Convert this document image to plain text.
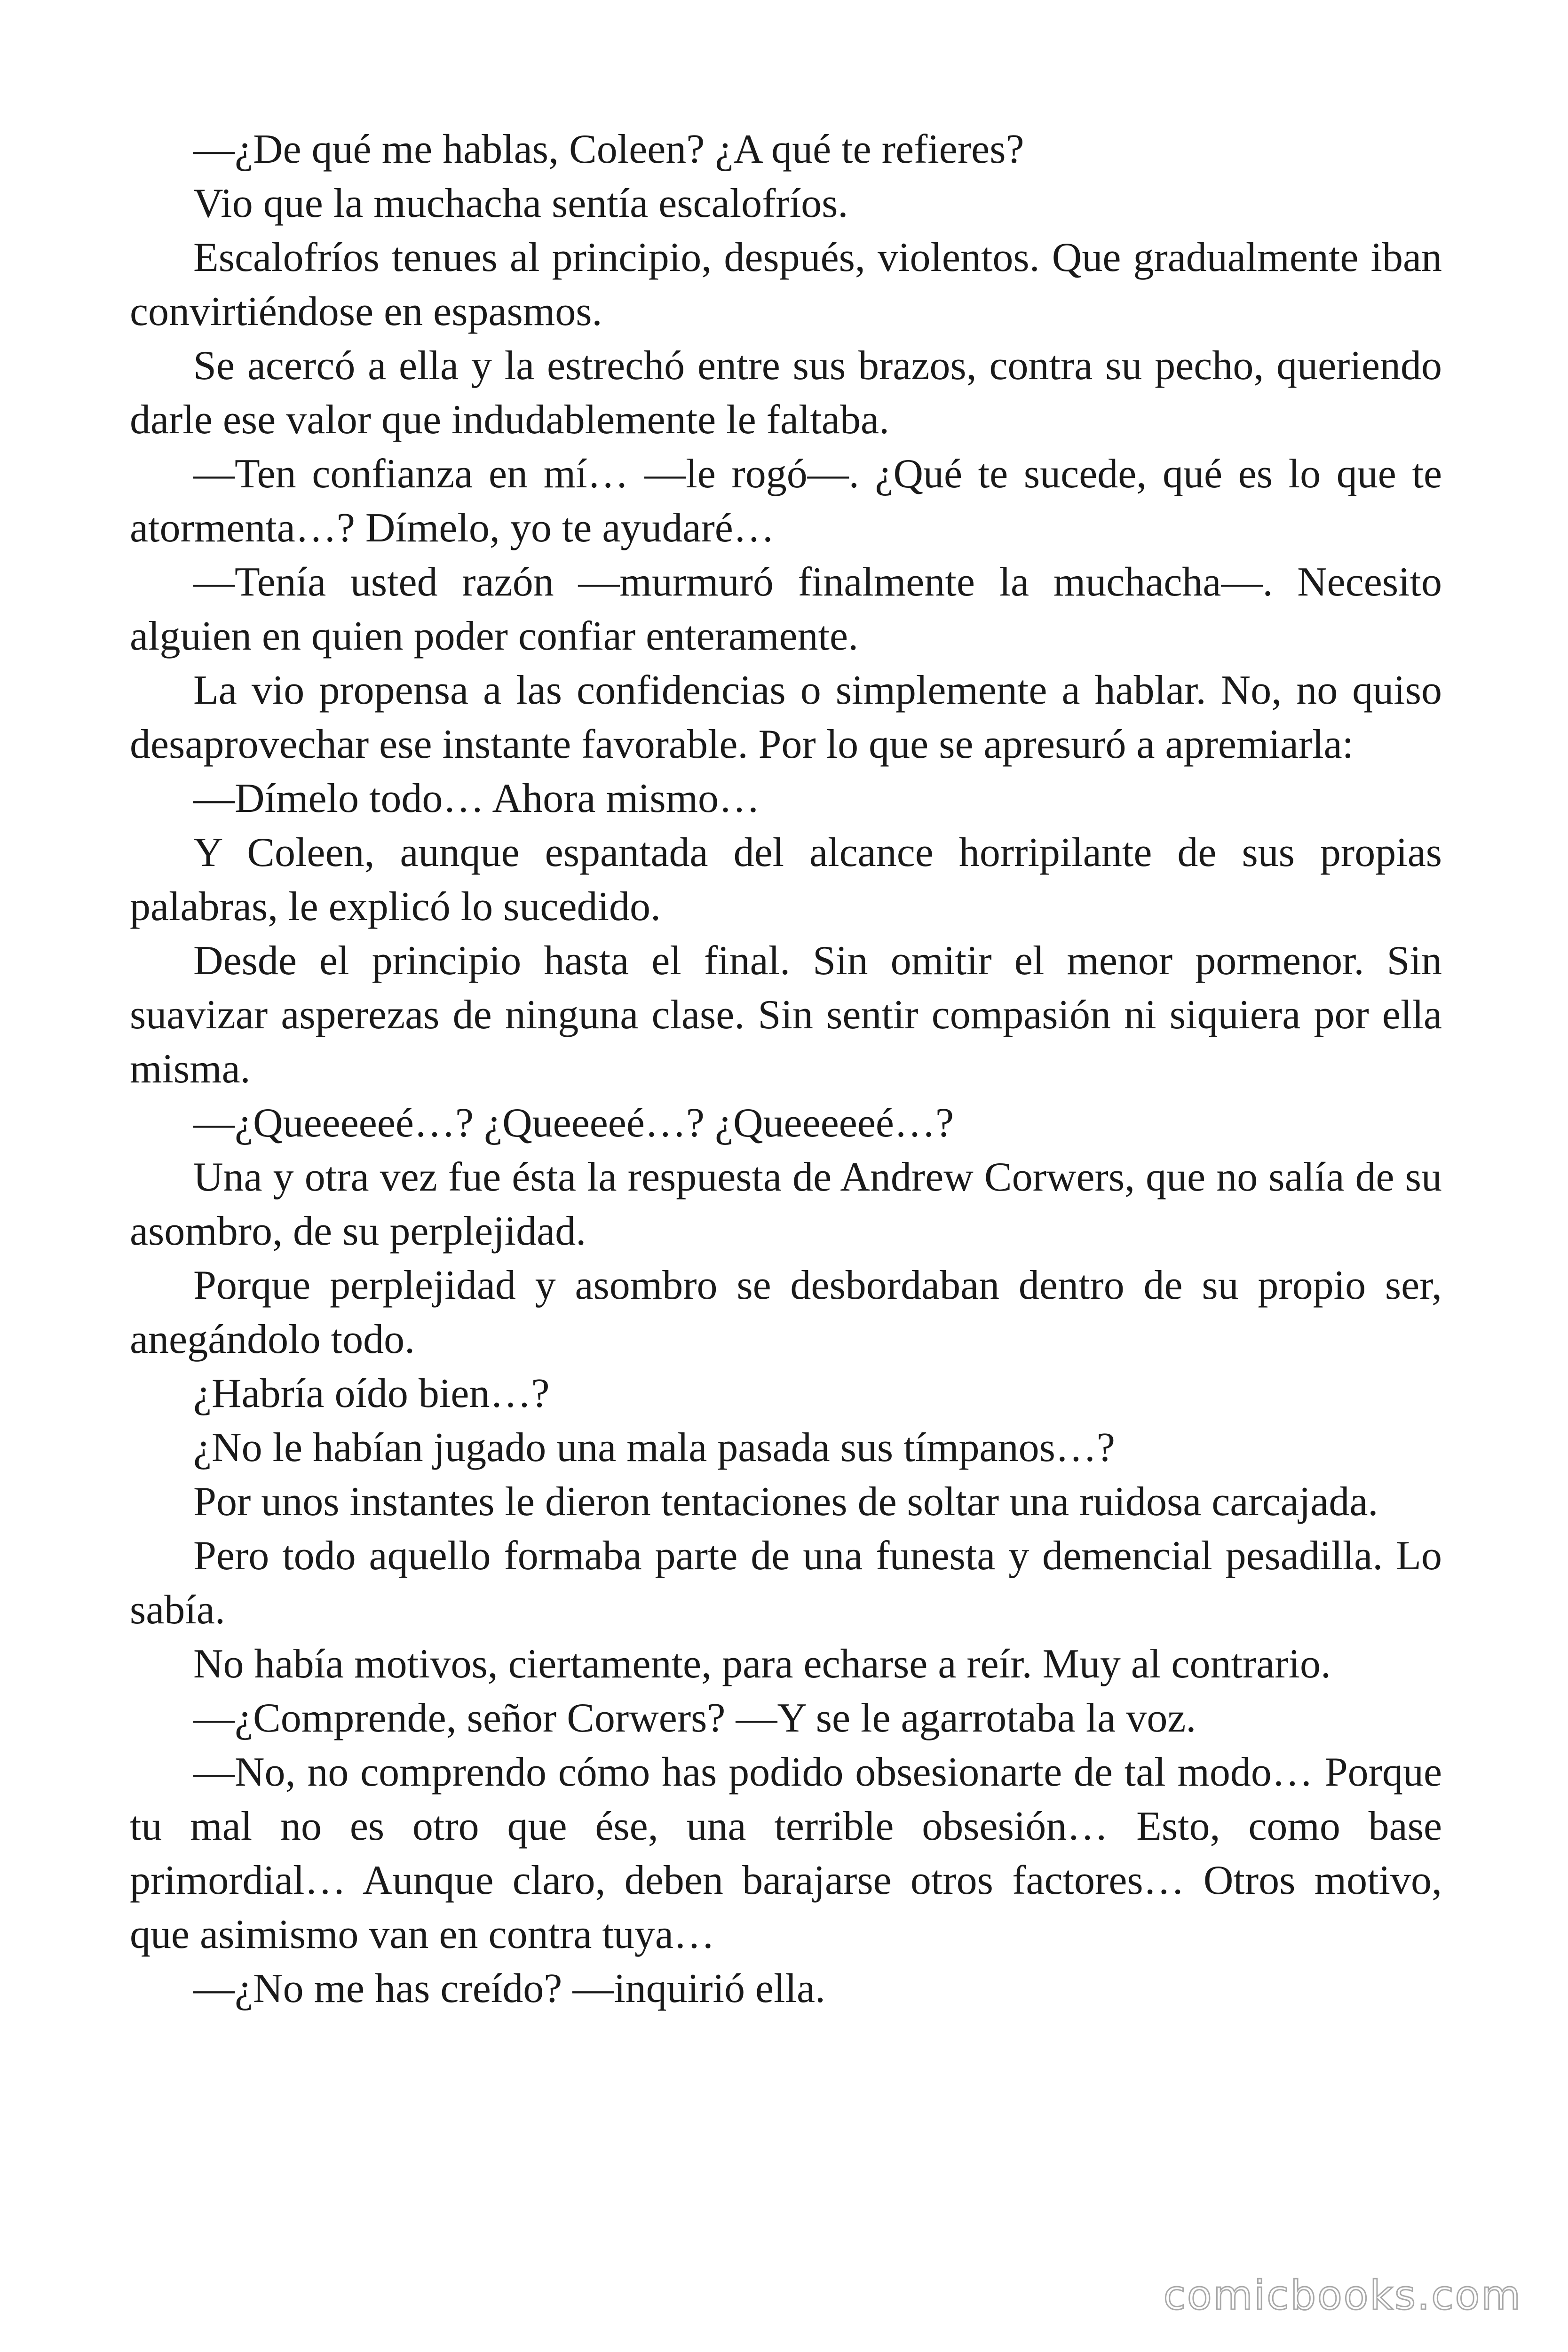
—¿De qué me hablas, Coleen? ¿A qué te refieres?

Vio que la muchacha sentía escalofríos.

Escalofríos tenues al principio, después, violentos. Que gradualmente iban convirtiéndose en espasmos.

Se acercó a ella y la estrechó entre sus brazos, contra su pecho, queriendo darle ese valor que indudablemente le faltaba.

—Ten confianza en mí… —le rogó—. ¿Qué te sucede, qué es lo que te atormenta…? Dímelo, yo te ayudaré…

—Tenía usted razón —murmuró finalmente la muchacha—. Necesito alguien en quien poder confiar enteramente.

La vio propensa a las confidencias o simplemente a hablar. No, no quiso desaprovechar ese instante favorable. Por lo que se apresuró a apremiarla:

—Dímelo todo… Ahora mismo…

Y Coleen, aunque espantada del alcance horripilante de sus propias palabras, le explicó lo sucedido.

Desde el principio hasta el final. Sin omitir el menor pormenor. Sin suavizar asperezas de ninguna clase. Sin sentir compasión ni siquiera por ella misma.

—¿Queeeeeé…? ¿Queeeeé…? ¿Queeeeeé…?

Una y otra vez fue ésta la respuesta de Andrew Corwers, que no salía de su asombro, de su perplejidad.

Porque perplejidad y asombro se desbordaban dentro de su propio ser, anegándolo todo.

¿Habría oído bien…?

¿No le habían jugado una mala pasada sus tímpanos…?

Por unos instantes le dieron tentaciones de soltar una ruidosa carcajada.

Pero todo aquello formaba parte de una funesta y demencial pesadilla. Lo sabía.

No había motivos, ciertamente, para echarse a reír. Muy al contrario.

—¿Comprende, señor Corwers? —Y se le agarrotaba la voz.

—No, no comprendo cómo has podido obsesionarte de tal modo… Porque tu mal no es otro que ése, una terrible obsesión… Esto, como base primordial… Aunque claro, deben barajarse otros factores… Otros motivo, que asimismo van en contra tuya…

—¿No me has creído? —inquirió ella.

comicbooks.com
